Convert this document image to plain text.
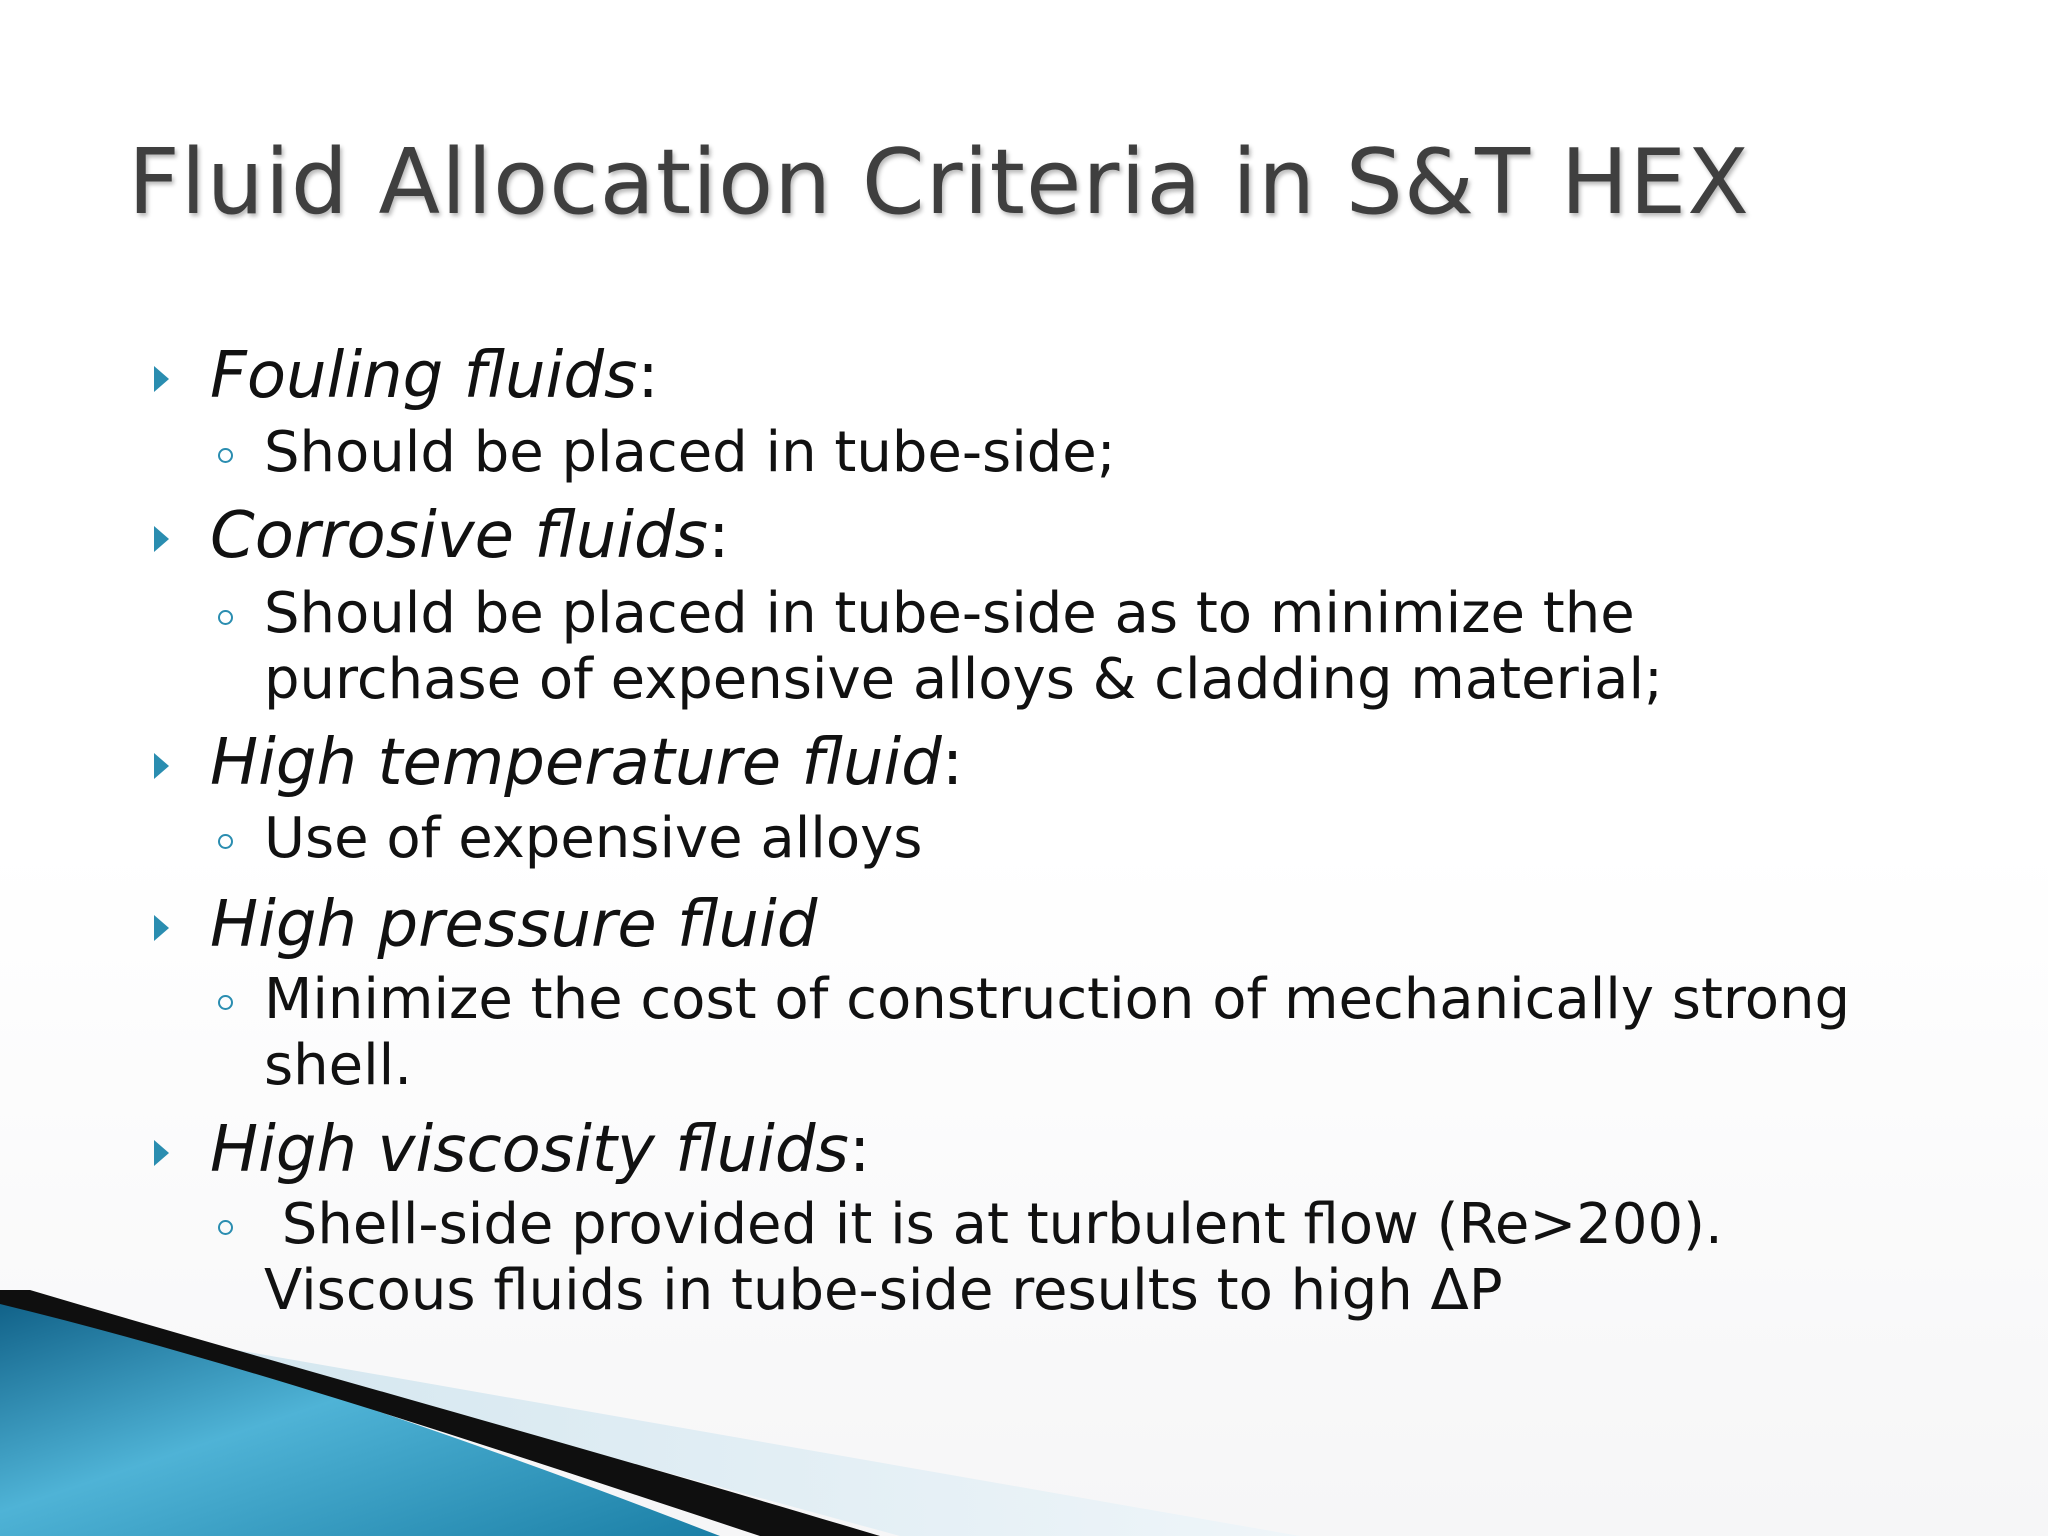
Fluid Allocation Criteria in S&T HEX
Fouling fluids:
Should be placed in tube-side;
Corrosive fluids:
Should be placed in tube-side as to minimize the
purchase of expensive alloys & cladding material;
High temperature fluid:
Use of expensive alloys
High pressure fluid
Minimize the cost of construction of mechanically strong
shell.
High viscosity fluids:
Shell-side provided it is at turbulent flow (Re>200).
Viscous fluids in tube-side results to high ΔP
